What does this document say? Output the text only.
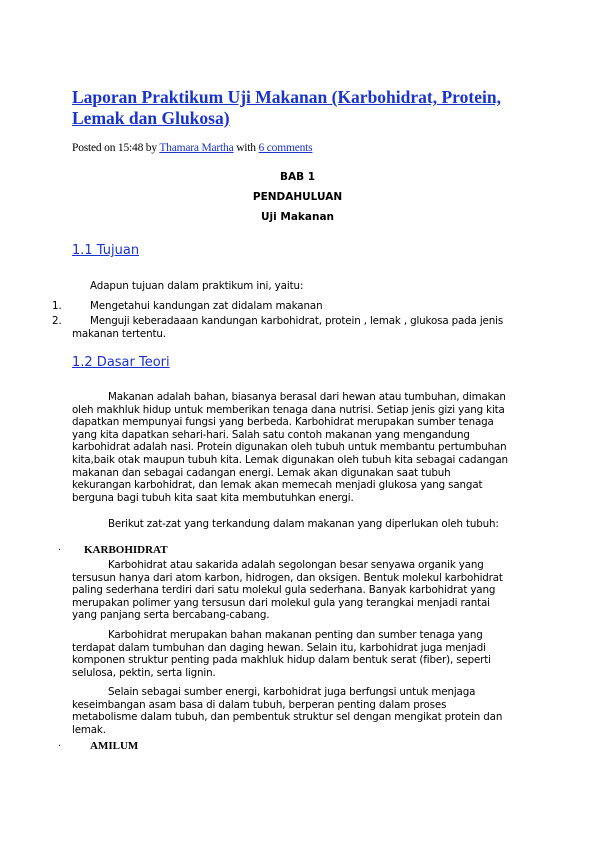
Laporan Praktikum Uji Makanan (Karbohidrat, Protein, Lemak dan Glukosa)
Posted on 15:48 by Thamara Martha with 6 comments
BAB 1
PENDAHULUAN
Uji Makanan
1.1 Tujuan
Adapun tujuan dalam praktikum ini, yaitu:
1.	Mengetahui kandungan zat didalam makanan
2.	Menguji keberadaaan kandungan karbohidrat, protein , lemak , glukosa pada jenis makanan tertentu.

1.2 Dasar Teori

Makanan adalah bahan, biasanya berasal dari hewan atau tumbuhan, dimakan oleh makhluk hidup untuk memberikan tenaga dana nutrisi. Setiap jenis gizi yang kita dapatkan mempunyai fungsi yang berbeda. Karbohidrat merupakan sumber tenaga yang kita dapatkan sehari-hari. Salah satu contoh makanan yang mengandung karbohidrat adalah nasi. Protein digunakan oleh tubuh untuk membantu pertumbuhan kita,baik otak maupun tubuh kita. Lemak digunakan oleh tubuh kita sebagai cadangan makanan dan sebagai cadangan energi. Lemak akan digunakan saat tubuh kekurangan karbohidrat, dan lemak akan memecah menjadi glukosa yang sangat berguna bagi tubuh kita saat kita membutuhkan energi.

Berikut zat-zat yang terkandung dalam makanan yang diperlukan oleh tubuh:

· KARBOHIDRAT

Karbohidrat atau sakarida adalah segolongan besar senyawa organik yang tersusun hanya dari atom karbon, hidrogen, dan oksigen. Bentuk molekul karbohidrat paling sederhana terdiri dari satu molekul gula sederhana. Banyak karbohidrat yang merupakan polimer yang tersusun dari molekul gula yang terangkai menjadi rantai yang panjang serta bercabang-cabang.

Karbohidrat merupakan bahan makanan penting dan sumber tenaga yang terdapat dalam tumbuhan dan daging hewan. Selain itu, karbohidrat juga menjadi komponen struktur penting pada makhluk hidup dalam bentuk serat (fiber), seperti selulosa, pektin, serta lignin.

Selain sebagai sumber energi, karbohidrat juga berfungsi untuk menjaga keseimbangan asam basa di dalam tubuh, berperan penting dalam proses metabolisme dalam tubuh, dan pembentuk struktur sel dengan mengikat protein dan lemak.

·	AMILUM
